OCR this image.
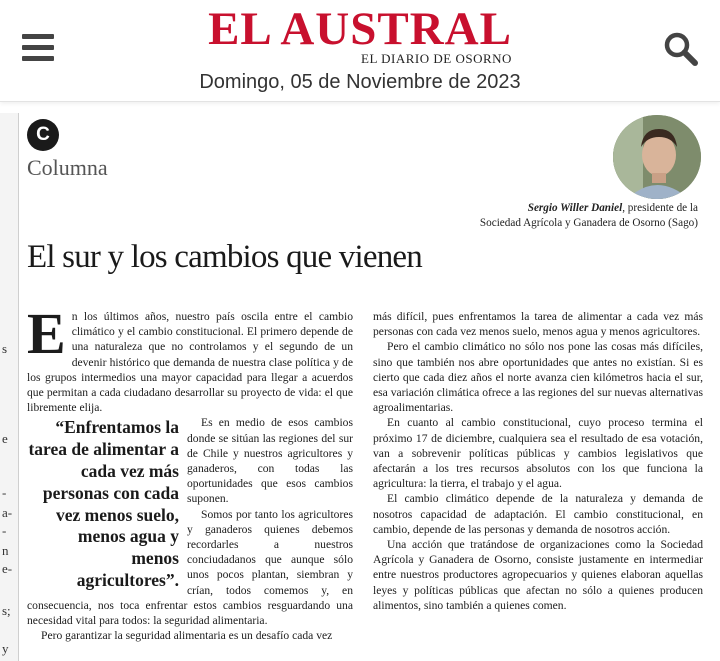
EL AUSTRAL
EL DIARIO DE OSORNO
Domingo, 05 de Noviembre de 2023
s
e
-
a-
-
n
e-
s;
y
C
Columna
Sergio Willer Daniel, presidente de la
Sociedad Agrícola y Ganadera de Osorno (Sago)
El sur y los cambios que vienen

En los últimos años, nuestro país oscila entre el cambio climático y el cambio constitucional. El primero depende de una naturaleza que no controlamos y el segundo de un devenir histórico que demanda de nuestra clase política y de los grupos intermedios una mayor capacidad para llegar a acuerdos que permitan a cada ciudadano desarrollar su proyecto de vida: el que libremente elija.

“Enfrentamos la tarea de alimentar a cada vez más personas con cada vez menos suelo, menos agua y menos agricultores”.

Es en medio de esos cambios donde se sitúan las regiones del sur de Chile y nuestros agricultores y ganaderos, con todas las oportunidades que esos cambios suponen.

Somos por tanto los agricultores y ganaderos quienes debemos recordarles a nuestros conciudadanos que aunque sólo unos pocos plantan, siembran y crían, todos comemos y, en consecuencia, nos toca enfrentar estos cambios resguardando una necesidad vital para todos: la seguridad alimentaria.

Pero garantizar la seguridad alimentaria es un desafío cada vez

más difícil, pues enfrentamos la tarea de alimentar a cada vez más personas con cada vez menos suelo, menos agua y menos agricultores.

Pero el cambio climático no sólo nos pone las cosas más difíciles, sino que también nos abre oportunidades que antes no existían. Si es cierto que cada diez años el norte avanza cien kilómetros hacia el sur, esa variación climática ofrece a las regiones del sur nuevas alternativas agroalimentarias.

En cuanto al cambio constitucional, cuyo proceso termina el próximo 17 de diciembre, cualquiera sea el resultado de esa votación, van a sobrevenir políticas públicas y cambios legislativos que afectarán a los tres recursos absolutos con los que funciona la agricultura: la tierra, el trabajo y el agua.

El cambio climático depende de la naturaleza y demanda de nosotros capacidad de adaptación. El cambio constitucional, en cambio, depende de las personas y demanda de nosotros acción.

Una acción que tratándose de organizaciones como la Sociedad Agrícola y Ganadera de Osorno, consiste justamente en intermediar entre nuestros productores agropecuarios y quienes elaboran aquellas leyes y políticas públicas que afectan no sólo a quienes producen alimentos, sino también a quienes comen.
